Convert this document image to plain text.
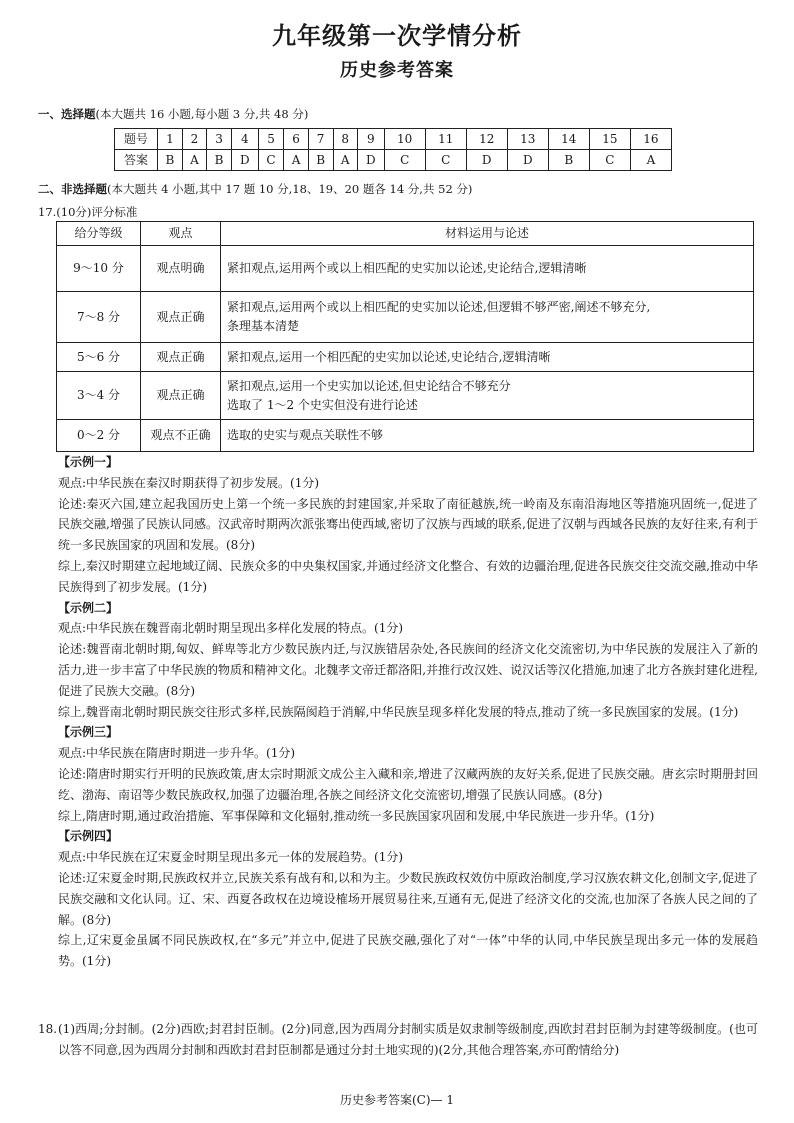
九年级第一次学情分析
历史参考答案
一、选择题(本大题共 16 小题,每小题 3 分,共 48 分)
题号	1	2	3	4	5	6	7	8	9	10	11	12	13	14	15	16
答案	B	A	B	D	C	A	B	A	D	C	C	D	D	B	C	A
二、非选择题(本大题共 4 小题,其中 17 题 10 分,18、19、20 题各 14 分,共 52 分)
17.(10分)评分标准
给分等级	观点	材料运用与论述
9～10 分	观点明确	紧扣观点,运用两个或以上相匹配的史实加以论述,史论结合,逻辑清晰

7～8 分	观点正确	紧扣观点,运用两个或以上相匹配的史实加以论述,但逻辑不够严密,阐述不够充分,
条理基本清楚

5～6 分	观点正确	紧扣观点,运用一个相匹配的史实加以论述,史论结合,逻辑清晰

3～4 分	观点正确	紧扣观点,运用一个史实加以论述,但史论结合不够充分
选取了 1～2 个史实但没有进行论述

0～2 分	观点不正确	选取的史实与观点关联性不够

【示例一】

观点:中华民族在秦汉时期获得了初步发展。(1分)

论述:秦灭六国,建立起我国历史上第一个统一多民族的封建国家,并采取了南征越族,统一岭南及东南沿海地区等措施巩固统一,促进了民族交融,增强了民族认同感。汉武帝时期两次派张骞出使西域,密切了汉族与西域的联系,促进了汉朝与西域各民族的友好往来,有利于统一多民族国家的巩固和发展。(8分)

综上,秦汉时期建立起地域辽阔、民族众多的中央集权国家,并通过经济文化整合、有效的边疆治理,促进各民族交往交流交融,推动中华民族得到了初步发展。(1分)

【示例二】

观点:中华民族在魏晋南北朝时期呈现出多样化发展的特点。(1分)

论述:魏晋南北朝时期,匈奴、鲜卑等北方少数民族内迁,与汉族错居杂处,各民族间的经济文化交流密切,为中华民族的发展注入了新的活力,进一步丰富了中华民族的物质和精神文化。北魏孝文帝迁都洛阳,并推行改汉姓、说汉话等汉化措施,加速了北方各族封建化进程,促进了民族大交融。(8分)

综上,魏晋南北朝时期民族交往形式多样,民族隔阂趋于消解,中华民族呈现多样化发展的特点,推动了统一多民族国家的发展。(1分)

【示例三】

观点:中华民族在隋唐时期进一步升华。(1分)

论述:隋唐时期实行开明的民族政策,唐太宗时期派文成公主入藏和亲,增进了汉藏两族的友好关系,促进了民族交融。唐玄宗时期册封回纥、渤海、南诏等少数民族政权,加强了边疆治理,各族之间经济文化交流密切,增强了民族认同感。(8分)

综上,隋唐时期,通过政治措施、军事保障和文化辐射,推动统一多民族国家巩固和发展,中华民族进一步升华。(1分)

【示例四】

观点:中华民族在辽宋夏金时期呈现出多元一体的发展趋势。(1分)

论述:辽宋夏金时期,民族政权并立,民族关系有战有和,以和为主。少数民族政权效仿中原政治制度,学习汉族农耕文化,创制文字,促进了民族交融和文化认同。辽、宋、西夏各政权在边境设榷场开展贸易往来,互通有无,促进了经济文化的交流,也加深了各族人民之间的了解。(8分)

综上,辽宋夏金虽属不同民族政权,在“多元”并立中,促进了民族交融,强化了对“一体”中华的认同,中华民族呈现出多元一体的发展趋势。(1分)

18. (1)西周;分封制。(2分)西欧;封君封臣制。(2分)同意,因为西周分封制实质是奴隶制等级制度,西欧封君封臣制为封建等级制度。(也可以答不同意,因为西周分封制和西欧封君封臣制都是通过分封土地实现的)(2分,其他合理答案,亦可酌情给分)
历史参考答案(C)— 1
